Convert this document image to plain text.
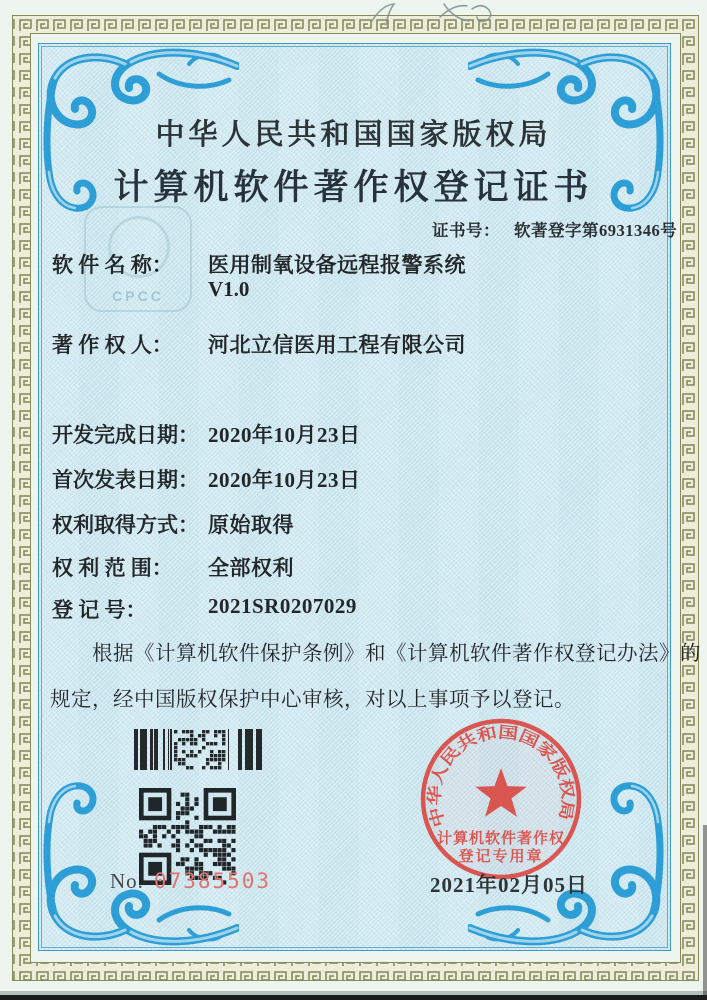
CPCC
中华人民共和国国家版权局
计算机软件著作权登记证书
证书号： 软著登字第6931346号
软 件 名 称： 医用制氧设备远程报警系统
V1.0
著 作 权 人： 河北立信医用工程有限公司
开发完成日期： 2020年10月23日
首次发表日期： 2020年10月23日
权利取得方式： 原始取得
权 利 范 围： 全部权利
登 记 号：	2021SR0207029
根据《计算机软件保护条例》和《计算机软件著作权登记办法》的
规定，经中国版权保护中心审核，对以上事项予以登记。
No. 07385503
中华人民共和国国家版权局
计算机软件著作权
登记专用章
2021年02月05日
